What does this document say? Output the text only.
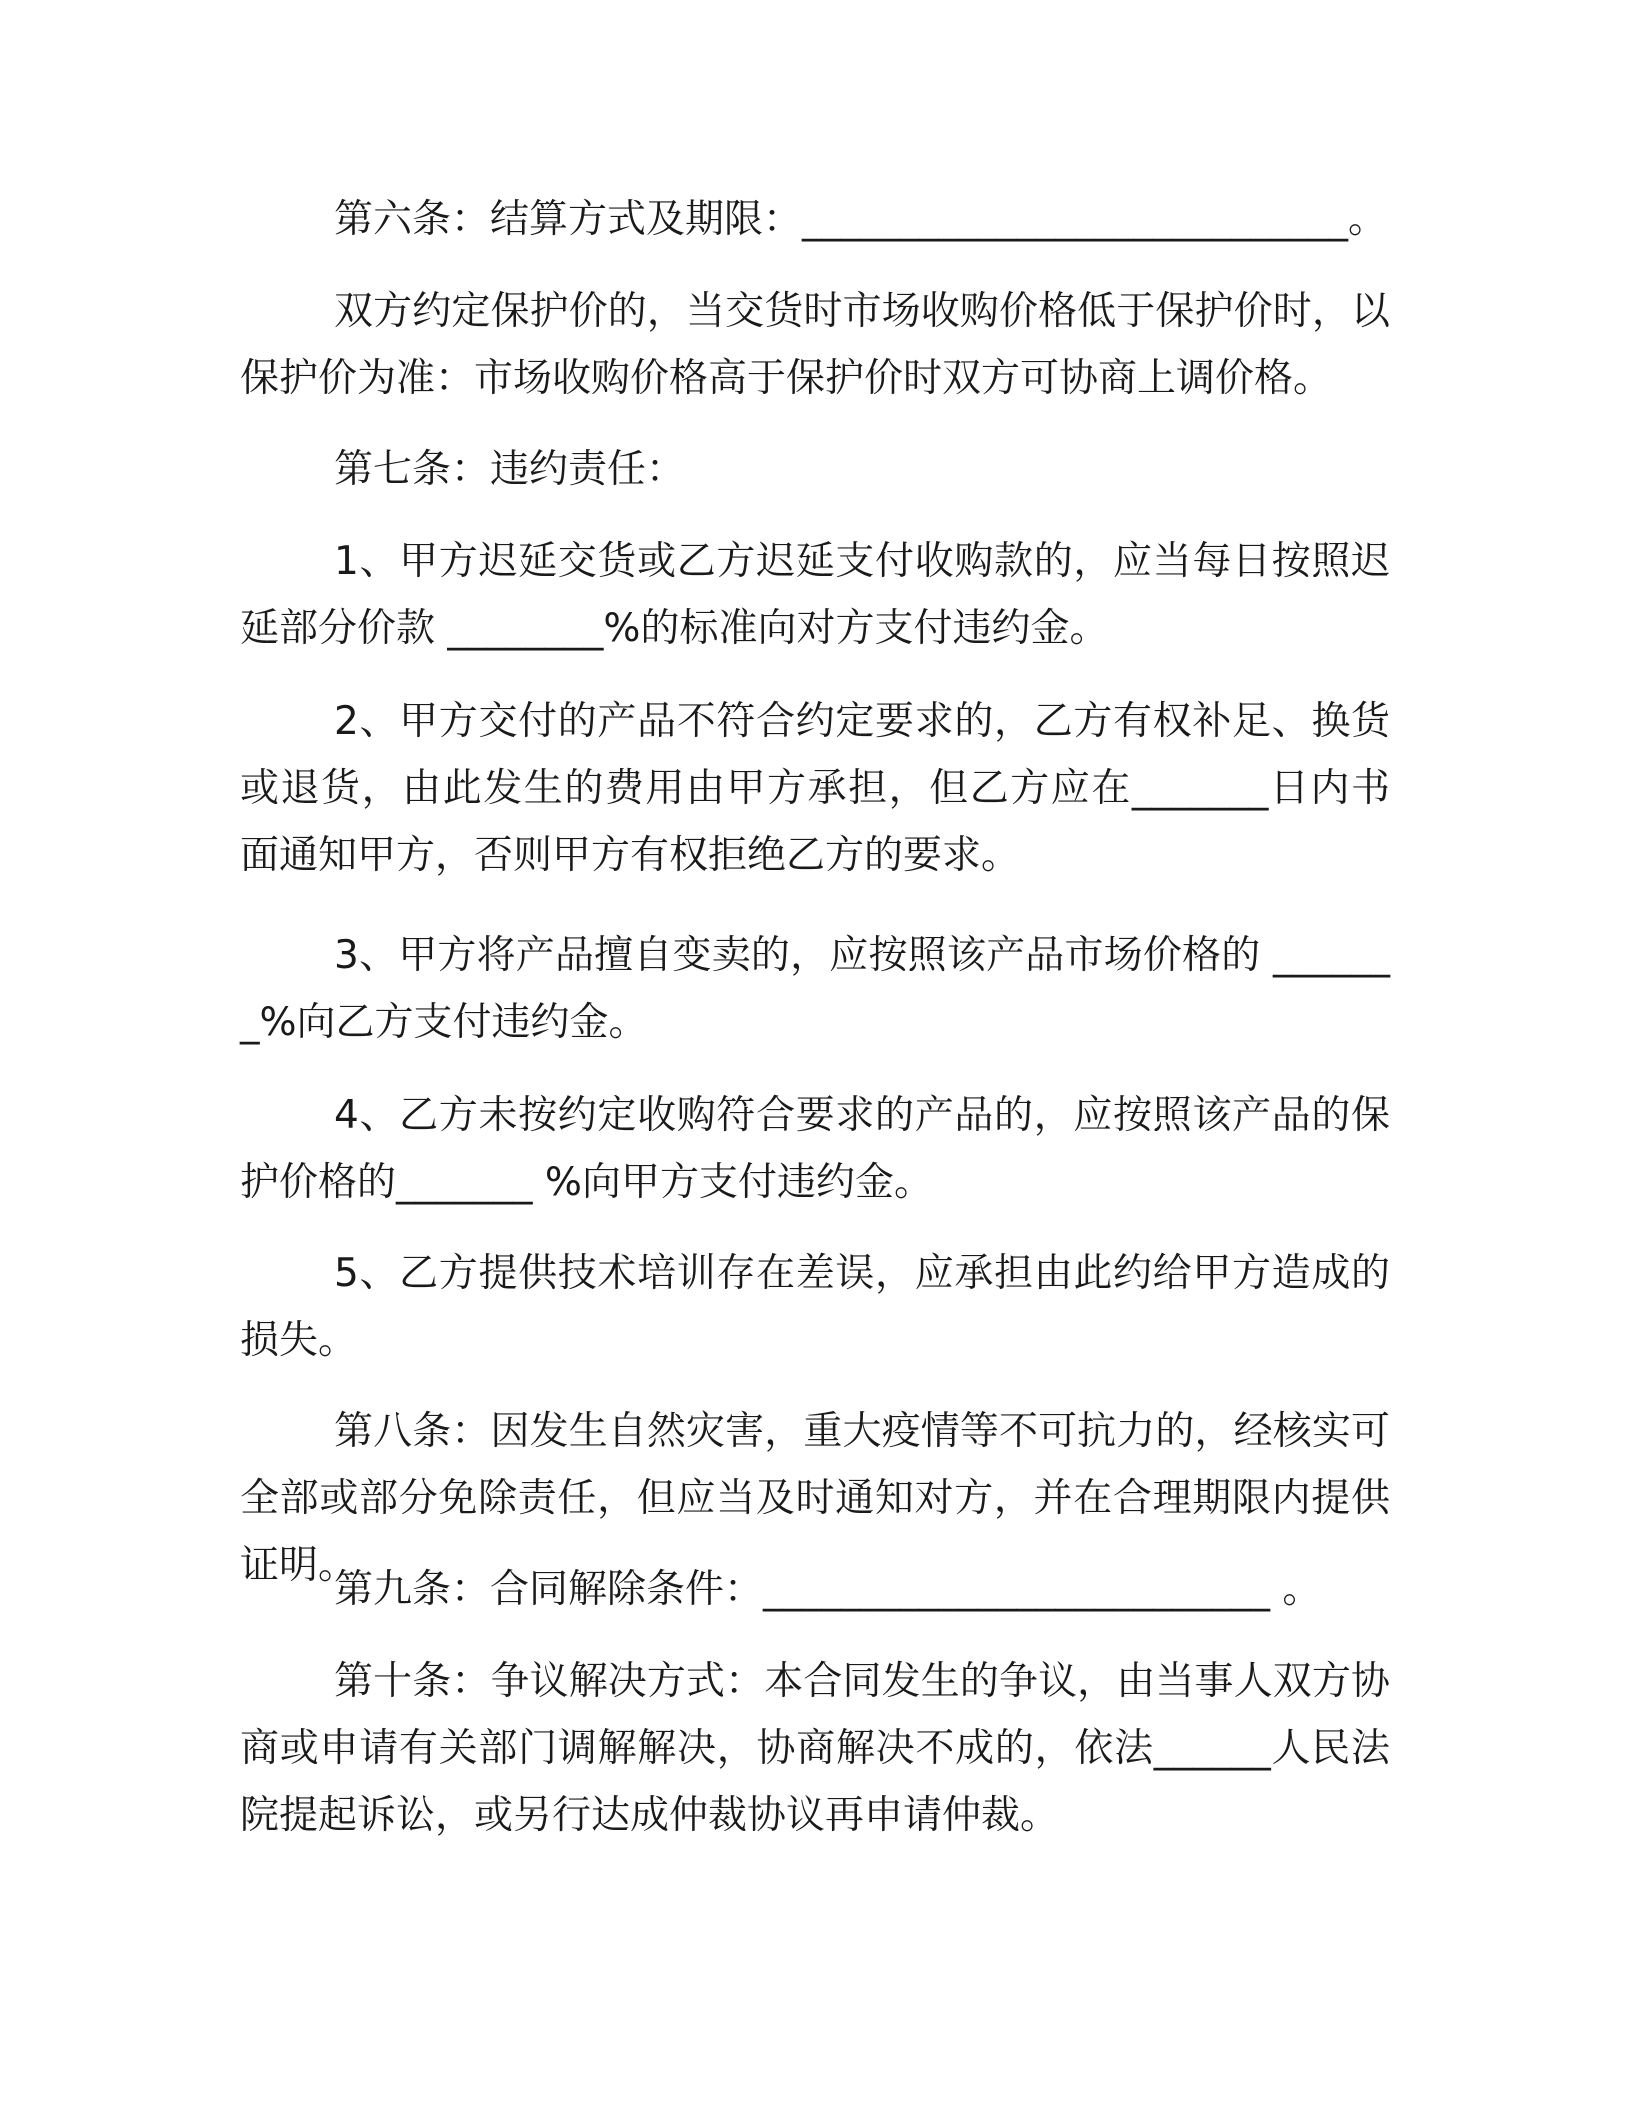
第六条：结算方式及期限：____________________________。

双方约定保护价的，当交货时市场收购价格低于保护价时，以保护价为准：市场收购价格高于保护价时双方可协商上调价格。

第七条：违约责任：

1、甲方迟延交货或乙方迟延支付收购款的，应当每日按照迟延部分价款 ________%的标准向对方支付违约金。

2、甲方交付的产品不符合约定要求的，乙方有权补足、换货或退货，由此发生的费用由甲方承担，但乙方应在_______日内书面通知甲方，否则甲方有权拒绝乙方的要求。

3、甲方将产品擅自变卖的，应按照该产品市场价格的 _______%向乙方支付违约金。

4、乙方未按约定收购符合要求的产品的，应按照该产品的保护价格的_______ %向甲方支付违约金。

5、乙方提供技术培训存在差误，应承担由此约给甲方造成的损失。

第八条：因发生自然灾害，重大疫情等不可抗力的，经核实可全部或部分免除责任，但应当及时通知对方，并在合理期限内提供证明。

第九条：合同解除条件：__________________________ 。

第十条：争议解决方式：本合同发生的争议，由当事人双方协商或申请有关部门调解解决，协商解决不成的，依法______人民法院提起诉讼，或另行达成仲裁协议再申请仲裁。
